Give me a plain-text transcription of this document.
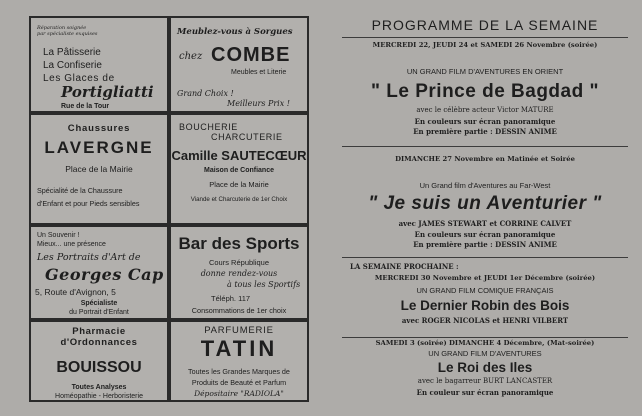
Réparation soignée
par spécialiste exquises
La Pâtisserie
La Confiserie
Les Glaces de
Portigliatti
Rue de la Tour
Meublez-vous à Sorgues
chez COMBE
Meubles et Literie
Grand Choix !
Meilleurs Prix !
Chaussures
LAVERGNE
Place de la Mairie
Spécialité de la Chaussure
d'Enfant et pour Pieds sensibles
BOUCHERIE
CHARCUTERIE
Camille SAUTECŒUR
Maison de Confiance
Place de la Mairie
Viande et Charcuterie de 1er Choix
Un Souvenir !
Mieux... une présence
Les Portraits d'Art de
Georges Cap
5, Route d'Avignon, 5
Spécialiste
du Portrait d'Enfant
Bar des Sports
Cours République
donne rendez-vous
à tous les Sportifs
Téléph. 117
Consommations de 1er choix
Pharmacie
d'Ordonnances
BOUISSOU
Toutes Analyses
Homéopathie - Herboristerie
PARFUMERIE
TATIN
Toutes les Grandes Marques de
Produits de Beauté et Parfum
Dépositaire "RADIOLA"
PROGRAMME DE LA SEMAINE
MERCREDI 22, JEUDI 24 et SAMEDI 26 Novembre (soirée)
UN GRAND FILM D'AVENTURES EN ORIENT
" Le Prince de Bagdad "
avec le célèbre acteur Victor MATURE
En couleurs sur écran panoramique
En première partie : DESSIN ANIME
DIMANCHE 27 Novembre en Matinée et Soirée
Un Grand film d'Aventures au Far-West
" Je suis un Aventurier "
avec JAMES STEWART et CORRINE CALVET
En couleurs sur écran panoramique
En première partie : DESSIN ANIME
LA SEMAINE PROCHAINE :
MERCREDI 30 Novembre et JEUDI 1er Décembre (soirée)
UN GRAND FILM COMIQUE FRANÇAIS
Le Dernier Robin des Bois
avec ROGER NICOLAS et HENRI VILBERT
SAMEDI 3 (soirée) DIMANCHE 4 Décembre, (Mat-soirée)
UN GRAND FILM D'AVENTURES
Le Roi des Iles
avec le bagarreur BURT LANCASTER
En couleur sur écran panoramique
